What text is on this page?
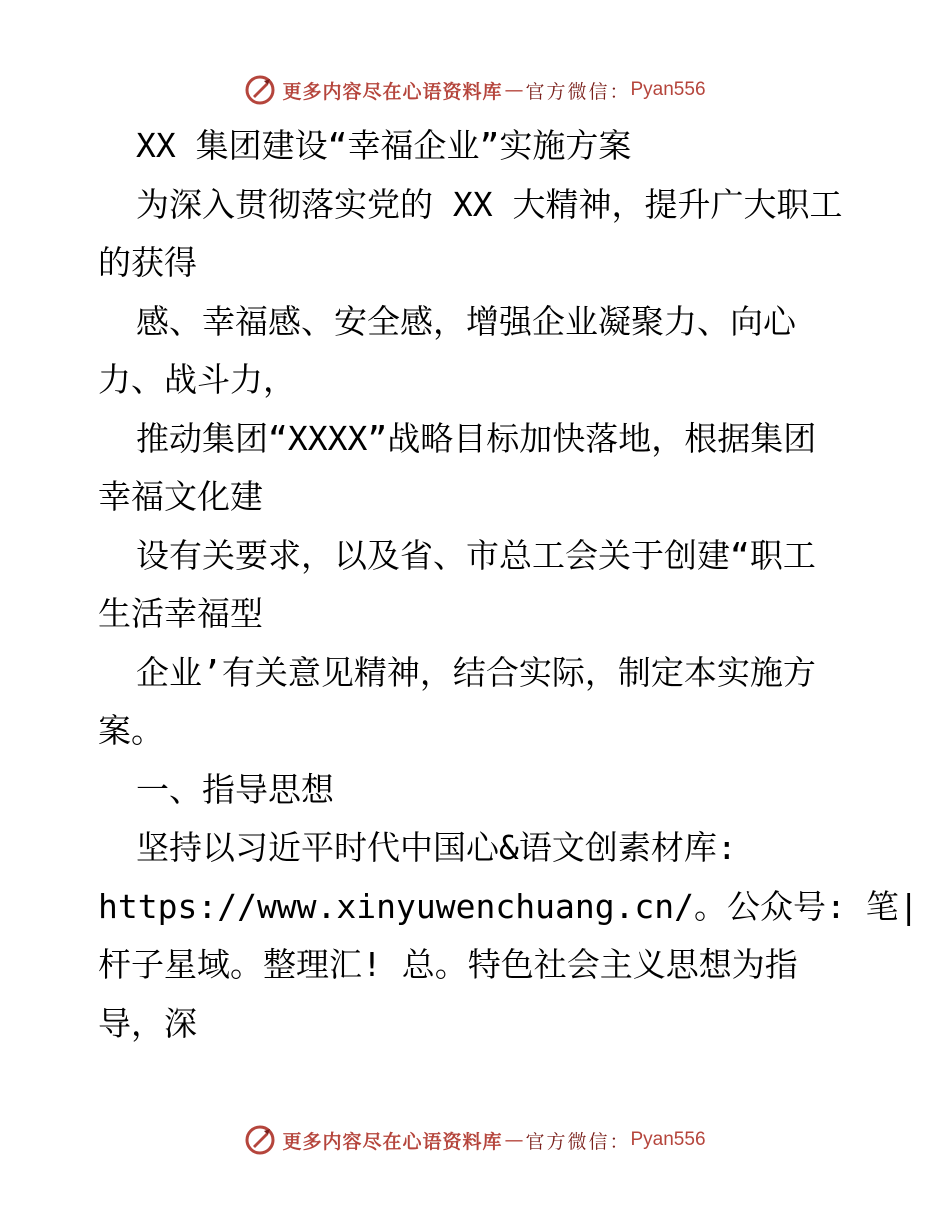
更多内容尽在心语资料库 — 官方微信： Pyan556

XX 集团建设“幸福企业”实施方案

为深入贯彻落实党的 XX 大精神，提升广大职工

的获得

感、幸福感、安全感，增强企业凝聚力、向心

力、战斗力，

推动集团“XXXX”战略目标加快落地，根据集团

幸福文化建

设有关要求，以及省、市总工会关于创建“职工

生活幸福型

企业’有关意见精神，结合实际，制定本实施方

案。

一、指导思想

坚持以习近平时代中国心&语文创素材库:

https://www.xinyuwenchuang.cn/。公众号: 笔|

杆子星域。整理汇! 总。特色社会主义思想为指

导，深

更多内容尽在心语资料库 — 官方微信： Pyan556
